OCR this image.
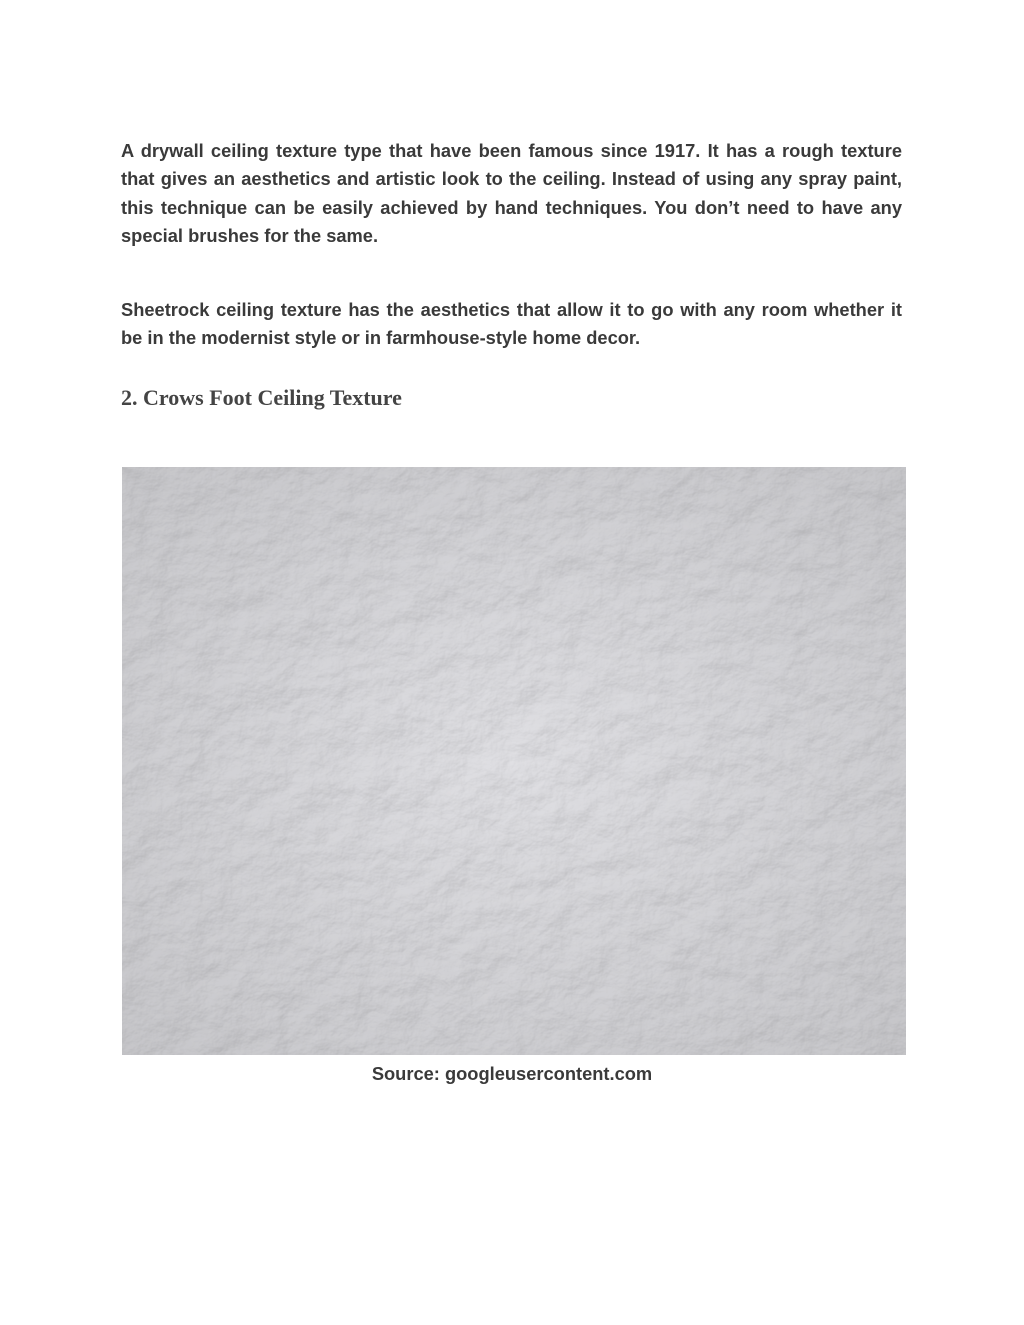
A drywall ceiling texture type that have been famous since 1917. It has a rough texture that gives an aesthetics and artistic look to the ceiling. Instead of using any spray paint, this technique can be easily achieved by hand techniques. You don’t need to have any special brushes for the same.

Sheetrock ceiling texture has the aesthetics that allow it to go with any room whether it be in the modernist style or in farmhouse-style home decor.

2. Crows Foot Ceiling Texture

Source: googleusercontent.com
